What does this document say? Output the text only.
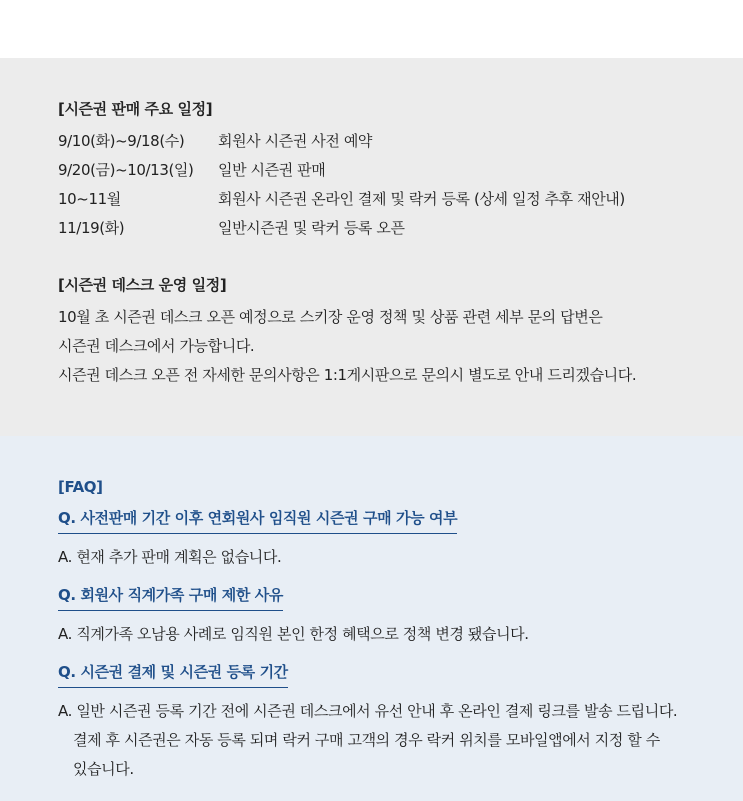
[시즌권 판매 주요 일정]
9/10(화)~9/18(수)	회원사 시즌권 사전 예약
9/20(금)~10/13(일)	일반 시즌권 판매
10~11월	회원사 시즌권 온라인 결제 및 락커 등록 (상세 일정 추후 재안내)
11/19(화)	일반시즌권 및 락커 등록 오픈
[시즌권 데스크 운영 일정]
10월 초 시즌권 데스크 오픈 예정으로 스키장 운영 정책 및 상품 관련 세부 문의 답변은
시즌권 데스크에서 가능합니다.
시즌권 데스크 오픈 전 자세한 문의사항은 1:1게시판으로 문의시 별도로 안내 드리겠습니다.
[FAQ]
Q. 사전판매 기간 이후 연회원사 임직원 시즌권 구매 가능 여부
A. 현재 추가 판매 계획은 없습니다.
Q. 회원사 직계가족 구매 제한 사유
A. 직계가족 오남용 사례로 임직원 본인 한정 혜택으로 정책 변경 됐습니다.
Q. 시즌권 결제 및 시즌권 등록 기간
A. 일반 시즌권 등록 기간 전에 시즌권 데스크에서 유선 안내 후 온라인 결제 링크를 발송 드립니다.
결제 후 시즌권은 자동 등록 되며 락커 구매 고객의 경우 락커 위치를 모바일앱에서 지정 할 수
있습니다.
